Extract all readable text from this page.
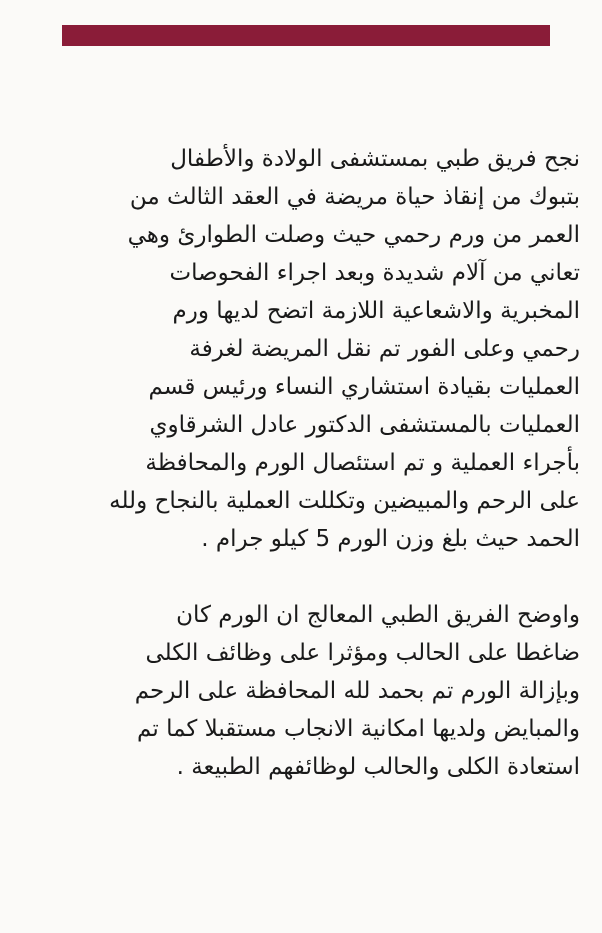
نجح فريق طبي بمستشفى الولادة والأطفال
بتبوك من إنقاذ حياة مريضة في العقد الثالث من
العمر من ورم رحمي حيث وصلت الطوارئ وهي
تعاني من آلام شديدة وبعد اجراء الفحوصات
المخبرية والاشعاعية اللازمة اتضح لديها ورم
رحمي وعلى الفور تم نقل المريضة لغرفة
العمليات بقيادة استشاري النساء ورئيس قسم
العمليات بالمستشفى الدكتور عادل الشرقاوي
بأجراء العملية و تم استئصال الورم والمحافظة
على الرحم والمبيضين وتكللت العملية بالنجاح ولله
الحمد حيث بلغ وزن الورم 5 كيلو جرام .

واوضح الفريق الطبي المعالج ان الورم كان
ضاغطا على الحالب ومؤثرا على وظائف الكلى
وبإزالة الورم تم بحمد لله المحافظة على الرحم
والمبايض ولديها امكانية الانجاب مستقبلا كما تم
استعادة الكلى والحالب لوظائفهم الطبيعة .
